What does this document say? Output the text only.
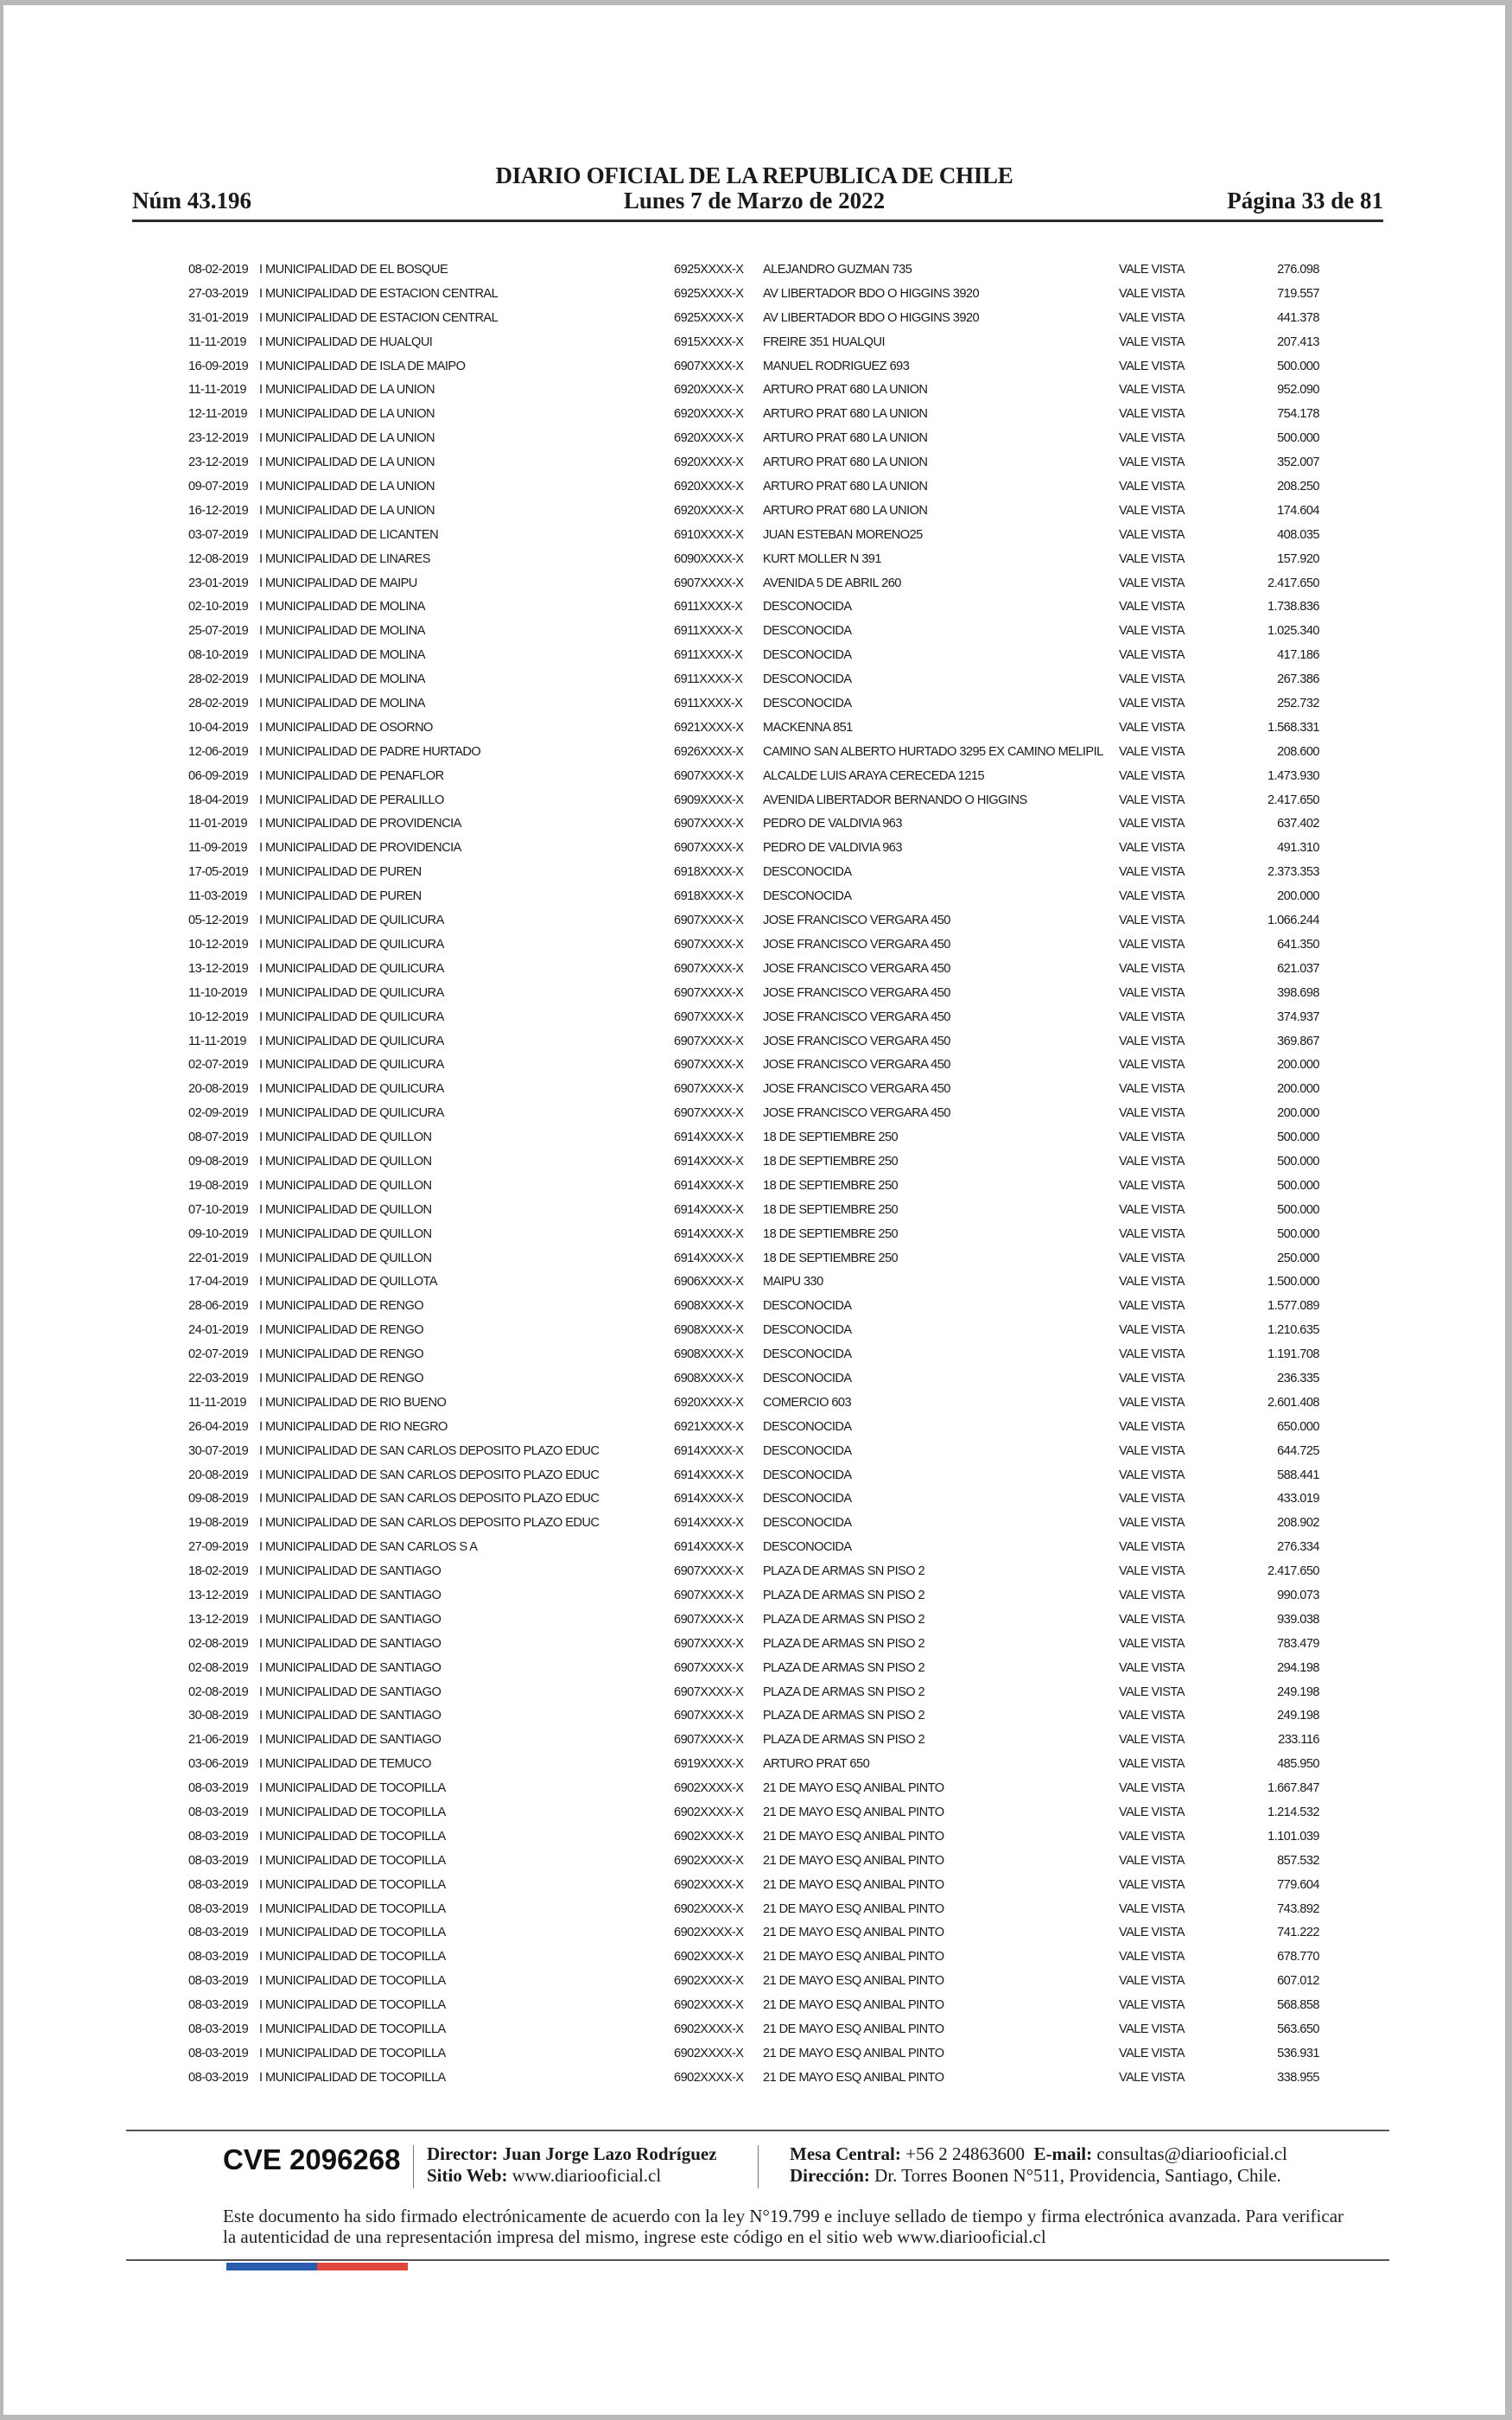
DIARIO OFICIAL DE LA REPUBLICA DE CHILE
Núm 43.196	Lunes 7 de Marzo de 2022	Página 33 de 81
08-02-2019 I MUNICIPALIDAD DE EL BOSQUE	6925XXXX-X ALEJANDRO GUZMAN 735	VALE VISTA	276.098
27-03-2019 I MUNICIPALIDAD DE ESTACION CENTRAL	6925XXXX-X AV LIBERTADOR BDO O HIGGINS 3920	VALE VISTA	719.557
31-01-2019 I MUNICIPALIDAD DE ESTACION CENTRAL	6925XXXX-X AV LIBERTADOR BDO O HIGGINS 3920	VALE VISTA	441.378
11-11-2019 I MUNICIPALIDAD DE HUALQUI	6915XXXX-X FREIRE 351 HUALQUI	VALE VISTA	207.413
16-09-2019 I MUNICIPALIDAD DE ISLA DE MAIPO	6907XXXX-X MANUEL RODRIGUEZ 693	VALE VISTA	500.000
11-11-2019 I MUNICIPALIDAD DE LA UNION	6920XXXX-X ARTURO PRAT 680 LA UNION	VALE VISTA	952.090
12-11-2019 I MUNICIPALIDAD DE LA UNION	6920XXXX-X ARTURO PRAT 680 LA UNION	VALE VISTA	754.178
23-12-2019 I MUNICIPALIDAD DE LA UNION	6920XXXX-X ARTURO PRAT 680 LA UNION	VALE VISTA	500.000
23-12-2019 I MUNICIPALIDAD DE LA UNION	6920XXXX-X ARTURO PRAT 680 LA UNION	VALE VISTA	352.007
09-07-2019 I MUNICIPALIDAD DE LA UNION	6920XXXX-X ARTURO PRAT 680 LA UNION	VALE VISTA	208.250
16-12-2019 I MUNICIPALIDAD DE LA UNION	6920XXXX-X ARTURO PRAT 680 LA UNION	VALE VISTA	174.604
03-07-2019 I MUNICIPALIDAD DE LICANTEN	6910XXXX-X JUAN ESTEBAN MORENO25	VALE VISTA	408.035
12-08-2019 I MUNICIPALIDAD DE LINARES	6090XXXX-X KURT MOLLER N 391	VALE VISTA	157.920
23-01-2019 I MUNICIPALIDAD DE MAIPU	6907XXXX-X AVENIDA 5 DE ABRIL 260	VALE VISTA	2.417.650
02-10-2019 I MUNICIPALIDAD DE MOLINA	6911XXXX-X DESCONOCIDA	VALE VISTA	1.738.836
25-07-2019 I MUNICIPALIDAD DE MOLINA	6911XXXX-X DESCONOCIDA	VALE VISTA	1.025.340
08-10-2019 I MUNICIPALIDAD DE MOLINA	6911XXXX-X DESCONOCIDA	VALE VISTA	417.186
28-02-2019 I MUNICIPALIDAD DE MOLINA	6911XXXX-X DESCONOCIDA	VALE VISTA	267.386
28-02-2019 I MUNICIPALIDAD DE MOLINA	6911XXXX-X DESCONOCIDA	VALE VISTA	252.732
10-04-2019 I MUNICIPALIDAD DE OSORNO	6921XXXX-X MACKENNA 851	VALE VISTA	1.568.331
12-06-2019 I MUNICIPALIDAD DE PADRE HURTADO	6926XXXX-X CAMINO SAN ALBERTO HURTADO 3295 EX CAMINO MELIPIL VALE VISTA	208.600
06-09-2019 I MUNICIPALIDAD DE PENAFLOR	6907XXXX-X ALCALDE LUIS ARAYA CERECEDA 1215	VALE VISTA	1.473.930
18-04-2019 I MUNICIPALIDAD DE PERALILLO	6909XXXX-X AVENIDA LIBERTADOR BERNANDO O HIGGINS	VALE VISTA	2.417.650
11-01-2019 I MUNICIPALIDAD DE PROVIDENCIA	6907XXXX-X PEDRO DE VALDIVIA 963	VALE VISTA	637.402
11-09-2019 I MUNICIPALIDAD DE PROVIDENCIA	6907XXXX-X PEDRO DE VALDIVIA 963	VALE VISTA	491.310
17-05-2019 I MUNICIPALIDAD DE PUREN	6918XXXX-X DESCONOCIDA	VALE VISTA	2.373.353
11-03-2019 I MUNICIPALIDAD DE PUREN	6918XXXX-X DESCONOCIDA	VALE VISTA	200.000
05-12-2019 I MUNICIPALIDAD DE QUILICURA	6907XXXX-X JOSE FRANCISCO VERGARA 450	VALE VISTA	1.066.244
10-12-2019 I MUNICIPALIDAD DE QUILICURA	6907XXXX-X JOSE FRANCISCO VERGARA 450	VALE VISTA	641.350
13-12-2019 I MUNICIPALIDAD DE QUILICURA	6907XXXX-X JOSE FRANCISCO VERGARA 450	VALE VISTA	621.037
11-10-2019 I MUNICIPALIDAD DE QUILICURA	6907XXXX-X JOSE FRANCISCO VERGARA 450	VALE VISTA	398.698
10-12-2019 I MUNICIPALIDAD DE QUILICURA	6907XXXX-X JOSE FRANCISCO VERGARA 450	VALE VISTA	374.937
11-11-2019 I MUNICIPALIDAD DE QUILICURA	6907XXXX-X JOSE FRANCISCO VERGARA 450	VALE VISTA	369.867
02-07-2019 I MUNICIPALIDAD DE QUILICURA	6907XXXX-X JOSE FRANCISCO VERGARA 450	VALE VISTA	200.000
20-08-2019 I MUNICIPALIDAD DE QUILICURA	6907XXXX-X JOSE FRANCISCO VERGARA 450	VALE VISTA	200.000
02-09-2019 I MUNICIPALIDAD DE QUILICURA	6907XXXX-X JOSE FRANCISCO VERGARA 450	VALE VISTA	200.000
08-07-2019 I MUNICIPALIDAD DE QUILLON	6914XXXX-X 18 DE SEPTIEMBRE 250	VALE VISTA	500.000
09-08-2019 I MUNICIPALIDAD DE QUILLON	6914XXXX-X 18 DE SEPTIEMBRE 250	VALE VISTA	500.000
19-08-2019 I MUNICIPALIDAD DE QUILLON	6914XXXX-X 18 DE SEPTIEMBRE 250	VALE VISTA	500.000
07-10-2019 I MUNICIPALIDAD DE QUILLON	6914XXXX-X 18 DE SEPTIEMBRE 250	VALE VISTA	500.000
09-10-2019 I MUNICIPALIDAD DE QUILLON	6914XXXX-X 18 DE SEPTIEMBRE 250	VALE VISTA	500.000
22-01-2019 I MUNICIPALIDAD DE QUILLON	6914XXXX-X 18 DE SEPTIEMBRE 250	VALE VISTA	250.000
17-04-2019 I MUNICIPALIDAD DE QUILLOTA	6906XXXX-X MAIPU 330	VALE VISTA	1.500.000
28-06-2019 I MUNICIPALIDAD DE RENGO	6908XXXX-X DESCONOCIDA	VALE VISTA	1.577.089
24-01-2019 I MUNICIPALIDAD DE RENGO	6908XXXX-X DESCONOCIDA	VALE VISTA	1.210.635
02-07-2019 I MUNICIPALIDAD DE RENGO	6908XXXX-X DESCONOCIDA	VALE VISTA	1.191.708
22-03-2019 I MUNICIPALIDAD DE RENGO	6908XXXX-X DESCONOCIDA	VALE VISTA	236.335
11-11-2019 I MUNICIPALIDAD DE RIO BUENO	6920XXXX-X COMERCIO 603	VALE VISTA	2.601.408
26-04-2019 I MUNICIPALIDAD DE RIO NEGRO	6921XXXX-X DESCONOCIDA	VALE VISTA	650.000
30-07-2019 I MUNICIPALIDAD DE SAN CARLOS DEPOSITO PLAZO EDUC	6914XXXX-X DESCONOCIDA	VALE VISTA	644.725
20-08-2019 I MUNICIPALIDAD DE SAN CARLOS DEPOSITO PLAZO EDUC	6914XXXX-X DESCONOCIDA	VALE VISTA	588.441
09-08-2019 I MUNICIPALIDAD DE SAN CARLOS DEPOSITO PLAZO EDUC	6914XXXX-X DESCONOCIDA	VALE VISTA	433.019
19-08-2019 I MUNICIPALIDAD DE SAN CARLOS DEPOSITO PLAZO EDUC	6914XXXX-X DESCONOCIDA	VALE VISTA	208.902
27-09-2019 I MUNICIPALIDAD DE SAN CARLOS S A	6914XXXX-X DESCONOCIDA	VALE VISTA	276.334
18-02-2019 I MUNICIPALIDAD DE SANTIAGO	6907XXXX-X PLAZA DE ARMAS SN PISO 2	VALE VISTA	2.417.650
13-12-2019 I MUNICIPALIDAD DE SANTIAGO	6907XXXX-X PLAZA DE ARMAS SN PISO 2	VALE VISTA	990.073
13-12-2019 I MUNICIPALIDAD DE SANTIAGO	6907XXXX-X PLAZA DE ARMAS SN PISO 2	VALE VISTA	939.038
02-08-2019 I MUNICIPALIDAD DE SANTIAGO	6907XXXX-X PLAZA DE ARMAS SN PISO 2	VALE VISTA	783.479
02-08-2019 I MUNICIPALIDAD DE SANTIAGO	6907XXXX-X PLAZA DE ARMAS SN PISO 2	VALE VISTA	294.198
02-08-2019 I MUNICIPALIDAD DE SANTIAGO	6907XXXX-X PLAZA DE ARMAS SN PISO 2	VALE VISTA	249.198
30-08-2019 I MUNICIPALIDAD DE SANTIAGO	6907XXXX-X PLAZA DE ARMAS SN PISO 2	VALE VISTA	249.198
21-06-2019 I MUNICIPALIDAD DE SANTIAGO	6907XXXX-X PLAZA DE ARMAS SN PISO 2	VALE VISTA	233.116
03-06-2019 I MUNICIPALIDAD DE TEMUCO	6919XXXX-X ARTURO PRAT 650	VALE VISTA	485.950
08-03-2019 I MUNICIPALIDAD DE TOCOPILLA	6902XXXX-X 21 DE MAYO ESQ ANIBAL PINTO	VALE VISTA	1.667.847
08-03-2019 I MUNICIPALIDAD DE TOCOPILLA	6902XXXX-X 21 DE MAYO ESQ ANIBAL PINTO	VALE VISTA	1.214.532
08-03-2019 I MUNICIPALIDAD DE TOCOPILLA	6902XXXX-X 21 DE MAYO ESQ ANIBAL PINTO	VALE VISTA	1.101.039
08-03-2019 I MUNICIPALIDAD DE TOCOPILLA	6902XXXX-X 21 DE MAYO ESQ ANIBAL PINTO	VALE VISTA	857.532
08-03-2019 I MUNICIPALIDAD DE TOCOPILLA	6902XXXX-X 21 DE MAYO ESQ ANIBAL PINTO	VALE VISTA	779.604
08-03-2019 I MUNICIPALIDAD DE TOCOPILLA	6902XXXX-X 21 DE MAYO ESQ ANIBAL PINTO	VALE VISTA	743.892
08-03-2019 I MUNICIPALIDAD DE TOCOPILLA	6902XXXX-X 21 DE MAYO ESQ ANIBAL PINTO	VALE VISTA	741.222
08-03-2019 I MUNICIPALIDAD DE TOCOPILLA	6902XXXX-X 21 DE MAYO ESQ ANIBAL PINTO	VALE VISTA	678.770
08-03-2019 I MUNICIPALIDAD DE TOCOPILLA	6902XXXX-X 21 DE MAYO ESQ ANIBAL PINTO	VALE VISTA	607.012
08-03-2019 I MUNICIPALIDAD DE TOCOPILLA	6902XXXX-X 21 DE MAYO ESQ ANIBAL PINTO	VALE VISTA	568.858
08-03-2019 I MUNICIPALIDAD DE TOCOPILLA	6902XXXX-X 21 DE MAYO ESQ ANIBAL PINTO	VALE VISTA	563.650
08-03-2019 I MUNICIPALIDAD DE TOCOPILLA	6902XXXX-X 21 DE MAYO ESQ ANIBAL PINTO	VALE VISTA	536.931
08-03-2019 I MUNICIPALIDAD DE TOCOPILLA	6902XXXX-X 21 DE MAYO ESQ ANIBAL PINTO	VALE VISTA	338.955
CVE 2096268 Director: Juan Jorge Lazo Rodríguez
Sitio Web: www.diariooficial.cl
Mesa Central: +56 2 24863600 E-mail: consultas@diariooficial.cl
Dirección: Dr. Torres Boonen N°511, Providencia, Santiago, Chile.
Este documento ha sido firmado electrónicamente de acuerdo con la ley N°19.799 e incluye sellado de tiempo y firma electrónica avanzada. Para verificar la autenticidad de una representación impresa del mismo, ingrese este código en el sitio web www.diariooficial.cl
